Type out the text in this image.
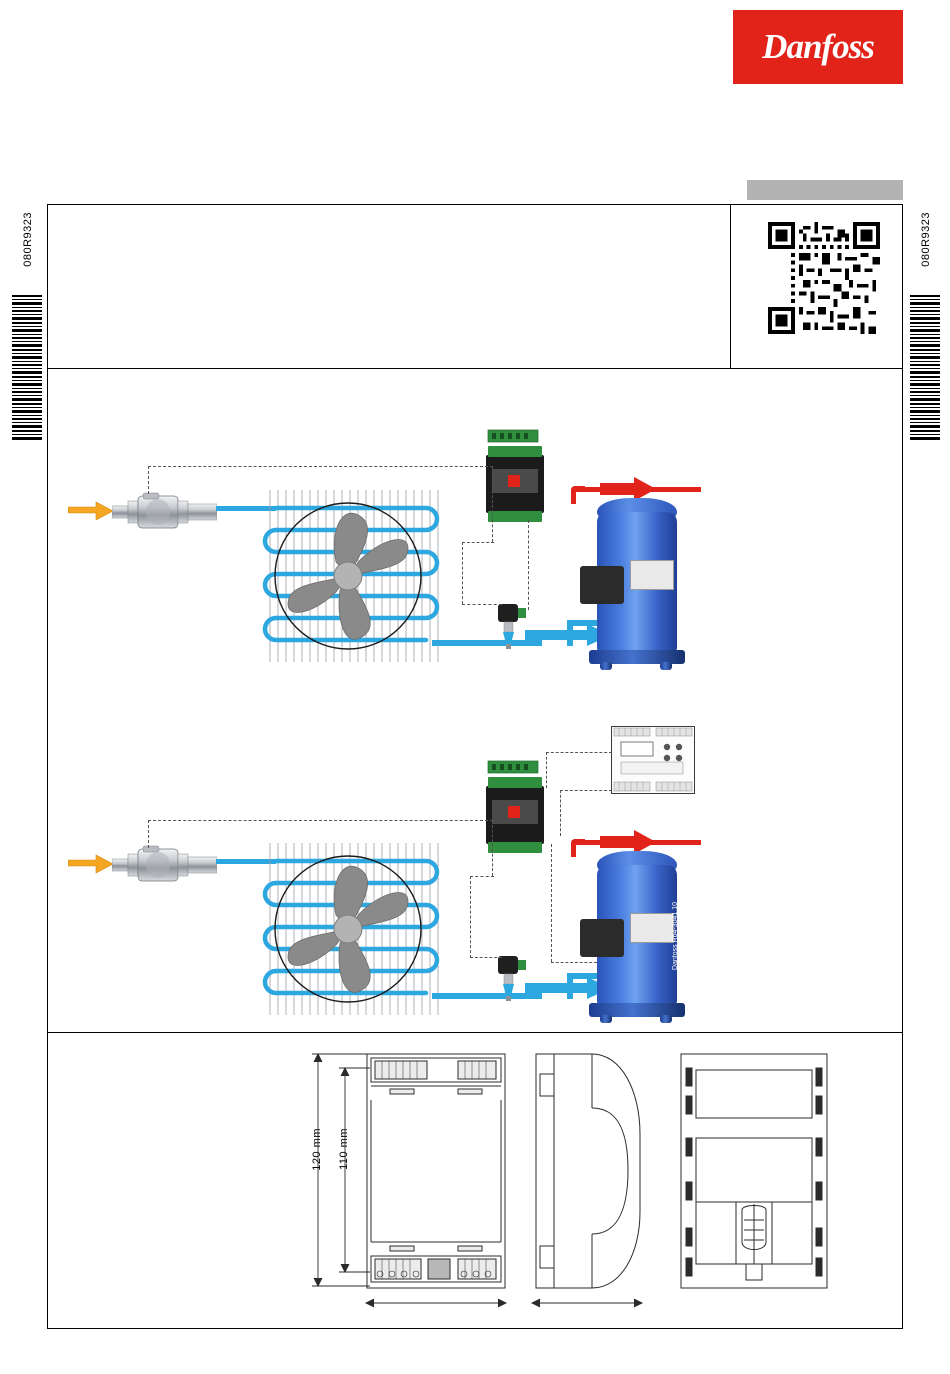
Danfoss
080R9323	080R9323
Danfoss R64-3041.10
120 mm 110 mm
